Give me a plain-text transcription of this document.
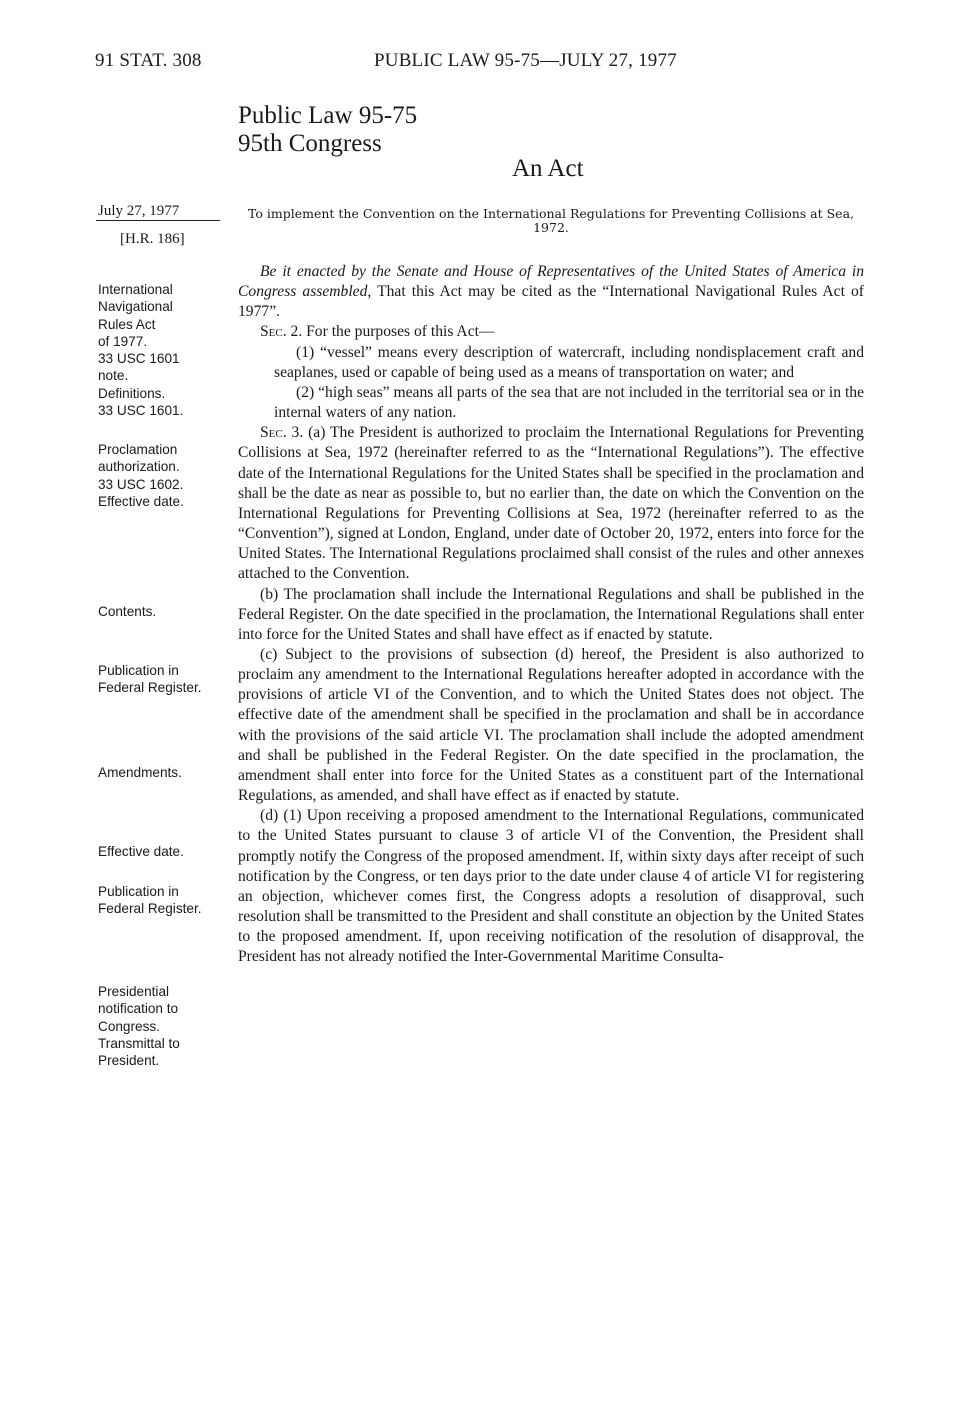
91 STAT. 308	PUBLIC LAW 95-75—JULY 27, 1977
Public Law 95-75
95th Congress
An Act
July 27, 1977
[H.R. 186]
To implement the Convention on the International Regulations for Preventing Collisions at Sea, 1972.
International
Navigational
Rules Act
of 1977.
33 USC 1601
note.
Definitions.
33 USC 1601.
Proclamation
authorization.
33 USC 1602.
Effective date.
Contents.
Publication in
Federal Register.
Amendments.
Effective date.
Publication in
Federal Register.
Presidential
notification to
Congress.
Transmittal to
President.

Be it enacted by the Senate and House of Representatives of the United States of America in Congress assembled, That this Act may be cited as the “International Navigational Rules Act of 1977”.

Sec. 2. For the purposes of this Act—

(1) “vessel” means every description of watercraft, including nondisplacement craft and seaplanes, used or capable of being used as a means of transportation on water; and

(2) “high seas” means all parts of the sea that are not included in the territorial sea or in the internal waters of any nation.

Sec. 3. (a) The President is authorized to proclaim the International Regulations for Preventing Collisions at Sea, 1972 (hereinafter referred to as the “International Regulations”). The effective date of the International Regulations for the United States shall be specified in the proclamation and shall be the date as near as possible to, but no earlier than, the date on which the Convention on the International Regulations for Preventing Collisions at Sea, 1972 (hereinafter referred to as the “Convention”), signed at London, England, under date of October 20, 1972, enters into force for the United States. The International Regulations proclaimed shall consist of the rules and other annexes attached to the Convention.

(b) The proclamation shall include the International Regulations and shall be published in the Federal Register. On the date specified in the proclamation, the International Regulations shall enter into force for the United States and shall have effect as if enacted by statute.

(c) Subject to the provisions of subsection (d) hereof, the President is also authorized to proclaim any amendment to the International Regulations hereafter adopted in accordance with the provisions of article VI of the Convention, and to which the United States does not object. The effective date of the amendment shall be specified in the proclamation and shall be in accordance with the provisions of the said article VI. The proclamation shall include the adopted amendment and shall be published in the Federal Register. On the date specified in the proclamation, the amendment shall enter into force for the United States as a constituent part of the International Regulations, as amended, and shall have effect as if enacted by statute.

(d) (1) Upon receiving a proposed amendment to the International Regulations, communicated to the United States pursuant to clause 3 of article VI of the Convention, the President shall promptly notify the Congress of the proposed amendment. If, within sixty days after receipt of such notification by the Congress, or ten days prior to the date under clause 4 of article VI for registering an objection, whichever comes first, the Congress adopts a resolution of disapproval, such resolution shall be transmitted to the President and shall constitute an objection by the United States to the proposed amendment. If, upon receiving notification of the resolution of disapproval, the President has not already notified the Inter-Governmental Maritime Consulta-
